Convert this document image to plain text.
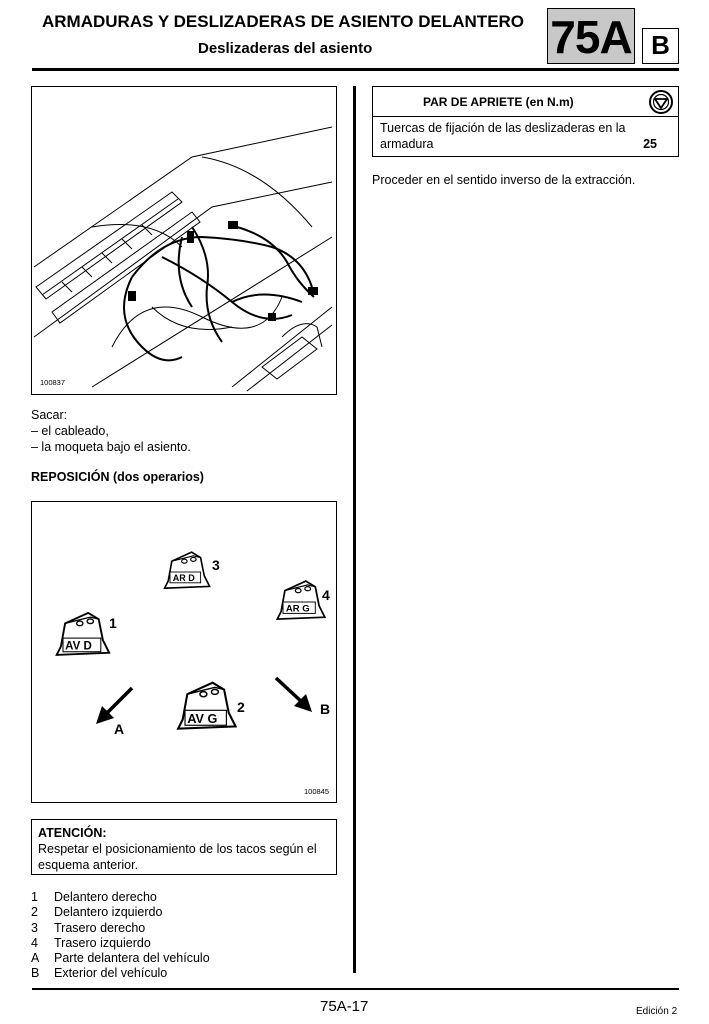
ARMADURAS Y DESLIZADERAS DE ASIENTO DELANTERO
Deslizaderas del asiento	75A B
100837
Sacar:
– el cableado,
– la moqueta bajo el asiento.
REPOSICIÓN (dos operarios)
AR D
3
AR G
4
AV D
1
AV G
2
A
B
100845
ATENCIÓN:
Respetar el posicionamiento de los tacos según el
esquema anterior.
1	Delantero derecho
2	Delantero izquierdo
3	Trasero derecho
4	Trasero izquierdo
A	Parte delantera del vehículo
B	Exterior del vehículo
PAR DE APRIETE (en N.m)
Tuercas de fijación de las deslizaderas en la
armadura	25
Proceder en el sentido inverso de la extracción.
75A-17	Edición 2
